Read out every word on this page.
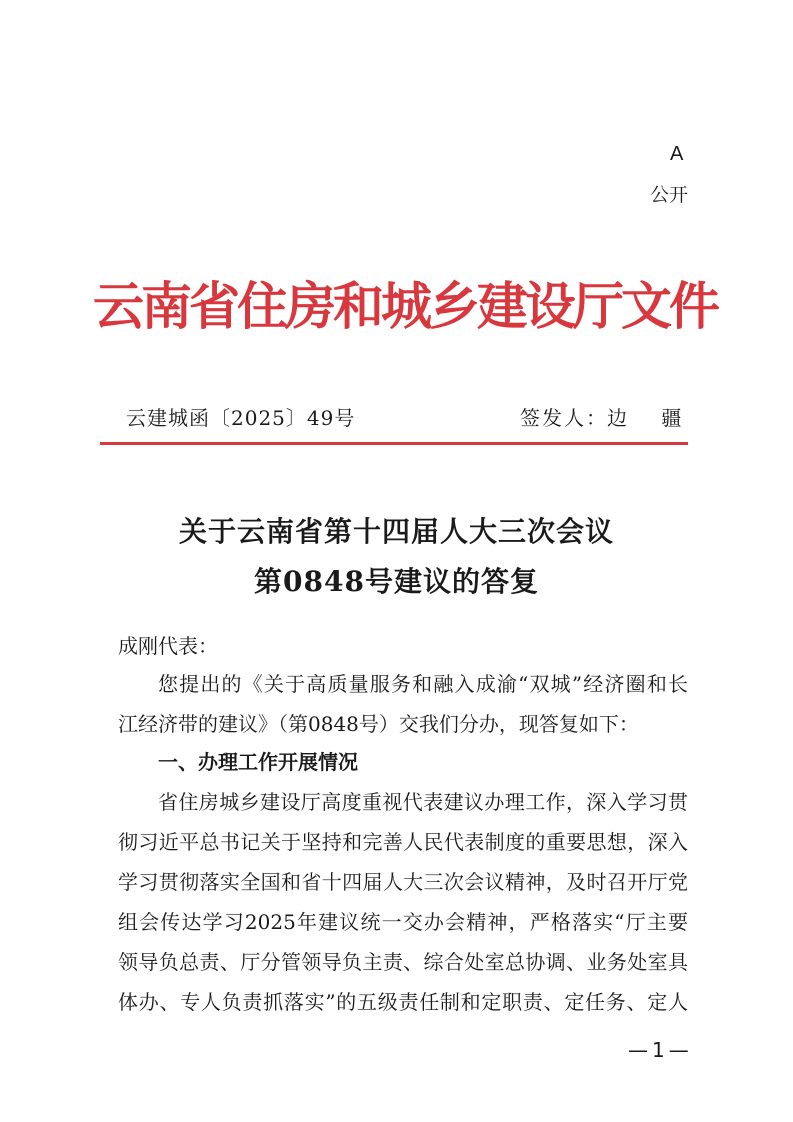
A
公开
云南省住房和城乡建设厅文件
云建城函〔2025〕49号	签发人： 边 疆
关于云南省第十四届人大三次会议
第0848号建议的答复
成刚代表：
您提出的《关于高质量服务和融入成渝“双城”经济圈和长
江经济带的建议》（第0848号）交我们分办，现答复如下：
一、办理工作开展情况
省住房城乡建设厅高度重视代表建议办理工作，深入学习贯
彻习近平总书记关于坚持和完善人民代表制度的重要思想，深入
学习贯彻落实全国和省十四届人大三次会议精神，及时召开厅党
组会传达学习2025年建议统一交办会精神，严格落实“厅主要
领导负总责、厅分管领导负主责、综合处室总协调、业务处室具
体办、专人负责抓落实”的五级责任制和定职责、定任务、定人
—1—
